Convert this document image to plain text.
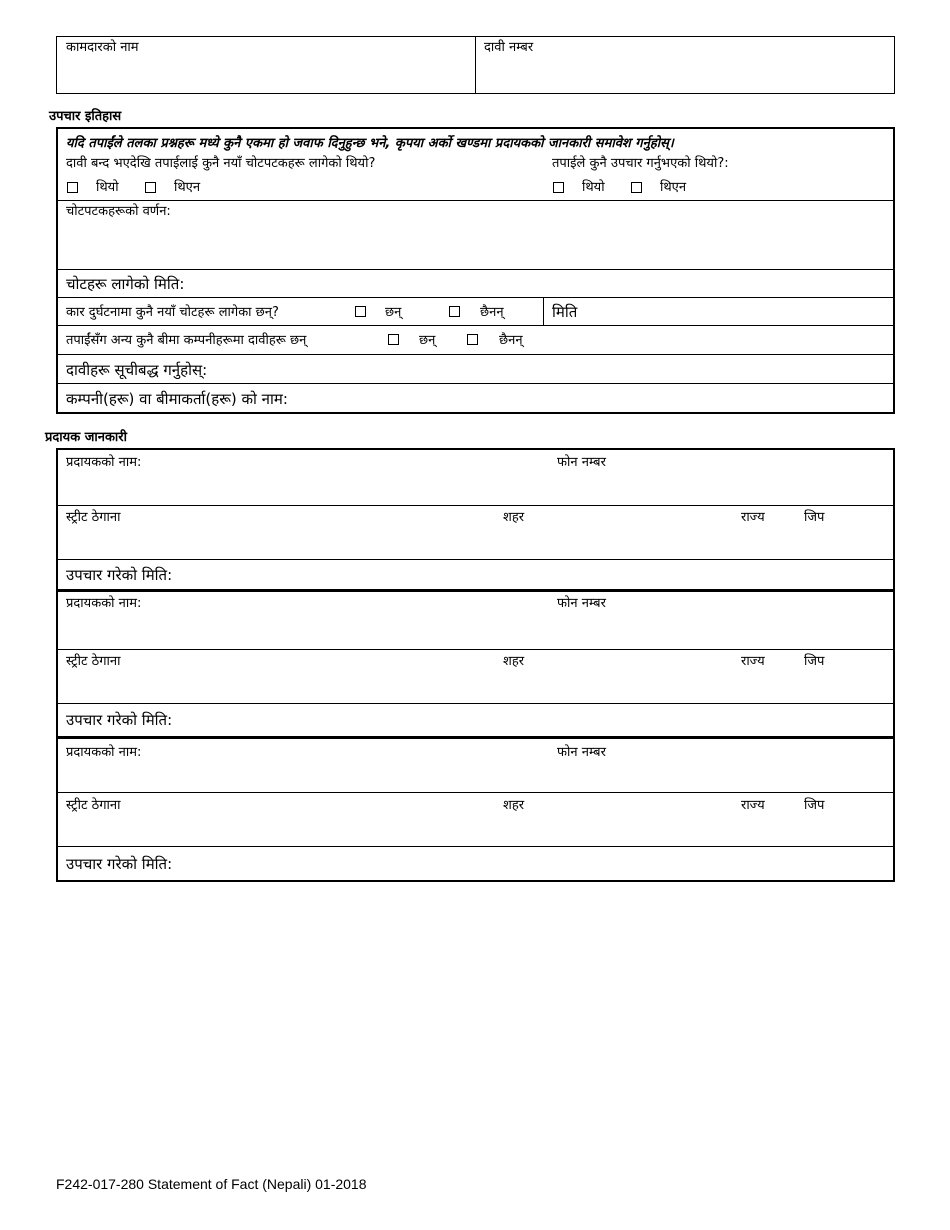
कामदारको नाम	दावी नम्बर
उपचार इतिहास
यदि तपाईंले तलका प्रश्नहरू मध्ये कुनै एकमा हो जवाफ दिनुहुन्छ भने, कृपया अर्को खण्डमा प्रदायकको जानकारी समावेश गर्नुहोस्।
दावी बन्द भएदेखि तपाईलाई कुनै नयाँ चोटपटकहरू लागेको थियो?
थियो	थिएन
तपाईले कुनै उपचार गर्नुभएको थियो?:
थियो	थिएन
चोटपटकहरूको वर्णन:
चोटहरू लागेको मिति:
कार दुर्घटनामा कुनै नयाँ चोटहरू लागेका छन्?	छन्	छैनन्	मिति
तपाईंसँग अन्य कुनै बीमा कम्पनीहरूमा दावीहरू छन्	छन्	छैनन्
दावीहरू सूचीबद्ध गर्नुहोस्:
कम्पनी(हरू) वा बीमाकर्ता(हरू) को नाम:
प्रदायक जानकारी
प्रदायकको नाम:	फोन नम्बर
स्ट्रीट ठेगाना	शहर	राज्य	जिप
उपचार गरेको मिति:
प्रदायकको नाम:	फोन नम्बर
स्ट्रीट ठेगाना	शहर	राज्य	जिप
उपचार गरेको मिति:
प्रदायकको नाम:	फोन नम्बर
स्ट्रीट ठेगाना	शहर	राज्य	जिप
उपचार गरेको मिति:
F242-017-280 Statement of Fact (Nepali) 01-2018
